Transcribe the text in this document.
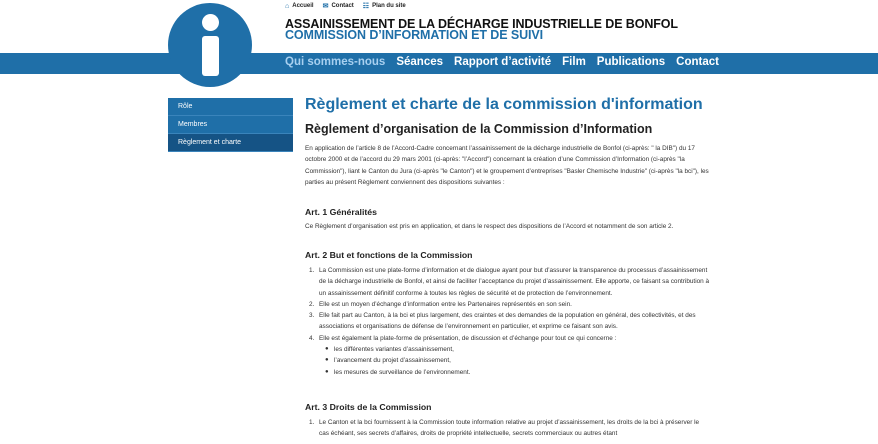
⌂ Accueil ✉ Contact ☷ Plan du site
ASSAINISSEMENT DE LA DÉCHARGE INDUSTRIELLE DE BONFOL
COMMISSION D’INFORMATION ET DE SUIVI
Qui sommes-nous Séances Rapport d’activité Film Publications Contact
Rôle
Membres
Règlement et charte
Règlement et charte de la commission d'information
Règlement d’organisation de la Commission d’Information

En application de l’article 8 de l’Accord-Cadre concernant l’assainissement de la décharge industrielle de Bonfol (ci-après: " la DIB") du 17 octobre 2000 et de l’accord du 29 mars 2001 (ci-après: "l’Accord") concernant la création d’une Commission d’Information (ci-après "la Commission"), liant le Canton du Jura (ci-après "le Canton") et le groupement d’entreprises "Basler Chemische Industrie" (ci-après "la bci"), les parties au présent Règlement conviennent des dispositions suivantes :

Art. 1 Généralités

Ce Règlement d’organisation est pris en application, et dans le respect des dispositions de l’Accord et notamment de son article 2.

Art. 2 But et fonctions de la Commission
1. La Commission est une plate-forme d’information et de dialogue ayant pour but d’assurer la transparence du processus d’assainissement de la décharge industrielle de Bonfol, et ainsi de faciliter l’acceptance du projet d’assainissement. Elle apporte, ce faisant sa contribution à un assainissement définitif conforme à toutes les règles de sécurité et de protection de l’environnement.
2. Elle est un moyen d’échange d’information entre les Partenaires représentés en son sein.
3. Elle fait part au Canton, à la bci et plus largement, des craintes et des demandes de la population en général, des collectivités, et des associations et organisations de défense de l’environnement en particulier, et exprime ce faisant son avis.
4. Elle est également la plate-forme de présentation, de discussion et d’échange pour tout ce qui concerne :
● les différentes variantes d’assainissement,
● l’avancement du projet d’assainissement,
● les mesures de surveillance de l’environnement.
Art. 3 Droits de la Commission
1. Le Canton et la bci fournissent à la Commission toute information relative au projet d’assainissement, les droits de la bci à préserver le cas échéant, ses secrets d’affaires, droits de propriété intellectuelle, secrets commerciaux ou autres étant
